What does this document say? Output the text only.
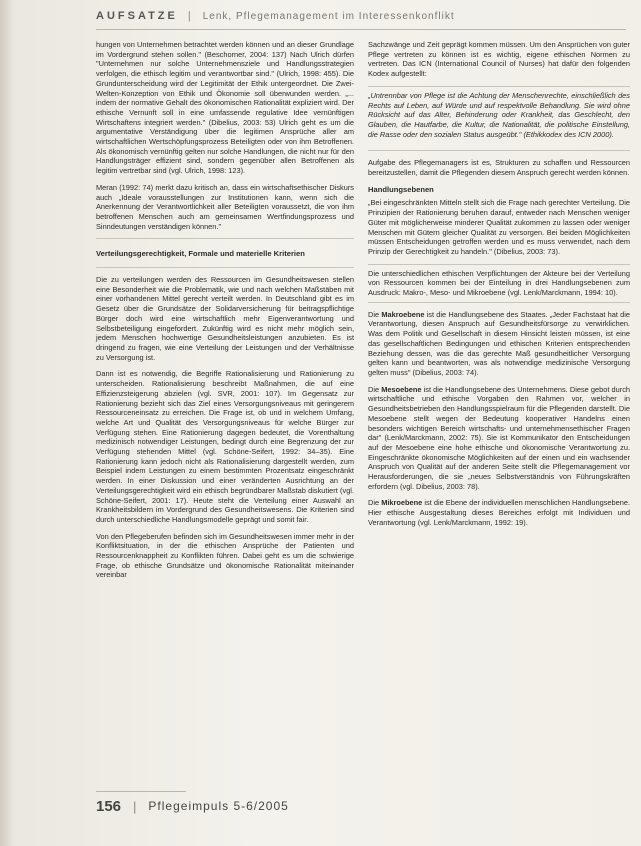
AUFSATZE | Lenk, Pflegemanagement im Interessenkonflikt

hungen von Unternehmen betrachtet werden können und an dieser Grundlage im Vordergrund stehen sollen." (Beschorner, 2004: 137) Nach Ulrich dürfen "Unternehmen nur solche Unternehmensziele und Handlungsstrategien verfolgen, die ethisch legitim und verantwortbar sind." (Ulrich, 1998: 455). Die Grundunterscheidung wird der Legitimität der Ethik untergeordnet. Die Zwei-Welten-Konzeption von Ethik und Ökonomie soll überwunden werden. „... indem der normative Gehalt des ökonomischen Rationalität expliziert wird. Der ethische Vernunft soll in eine umfassende regulative Idee vernünftigen Wirtschaftens integriert werden." (Dibelius, 2003: 53) Ulrich geht es um die argumentative Verständigung über die legitimen Ansprüche aller am wirtschaftlichen Wertschöpfungsprozess Beteiligten oder von ihm Betroffenen. Als ökonomisch vernünftig gelten nur solche Handlungen, die nicht nur für den Handlungsträger effizient sind, sondern gegenüber allen Betroffenen als legitim vertretbar sind (vgl. Ulrich, 1998: 123).

Meran (1992: 74) merkt dazu kritisch an, dass ein wirtschaftsethischer Diskurs auch „Ideale vorausstellungen zur Institutionen kann, wenn sich die Anerkennung der Verantwortlichkeit aller Beteiligten voraussetzt, die von ihm betroffenen Menschen auch am gemeinsamen Wertfindungsprozess und Sinndeutungen verständigen können."

Verteilungsgerechtigkeit, Formale und materielle Kriterien

Die zu verteilungen werden des Ressourcen im Gesundheitswesen stellen eine Besonderheit wie die Problematik, wie und nach welchen Maßstäben mit einer vorhandenen Mittel gerecht verteilt werden. In Deutschland gibt es im Gesetz über die Grundsätze der Solidarversicherung für beitragspflichtige Bürger doch wird eine wirtschaftlich mehr Eigenverantwortung und Selbstbeteiligung eingefordert. Zukünftig wird es nicht mehr möglich sein, jedem Menschen hochwertige Gesundheitsleistungen anzubieten. Es ist dringend zu fragen, wie eine Verteilung der Leistungen und der Verhältnisse zu Versorgung ist.

Dann ist es notwendig, die Begriffe Rationalisierung und Rationierung zu unterscheiden. Rationalisierung beschreibt Maßnahmen, die auf eine Effizienzsteigerung abzielen (vgl. SVR, 2001: 107). Im Gegensatz zur Rationierung bezieht sich das Ziel eines Versorgungsniveaus mit geringerem Ressourceneinsatz zu erreichen. Die Frage ist, ob und in welchem Umfang, welche Art und Qualität des Versorgungsniveaus für welche Bürger zur Verfügung stehen. Eine Rationierung dagegen bedeutet, die Vorenthaltung medizinisch notwendiger Leistungen, bedingt durch eine Begrenzung der zur Verfügung stehenden Mittel (vgl. Schöne-Seifert, 1992: 34–35). Eine Rationierung kann jedoch nicht als Rationalisierung dargestellt werden, zum Beispiel indem Leistungen zu einem bestimmten Prozentsatz eingeschränkt werden. In einer Diskussion und einer veränderten Ausrichtung an der Verteilungsgerechtigkeit wird ein ethisch begründbarer Maßstab diskutiert (vgl. Schöne-Seifert, 2001: 17). Heute steht die Verteilung einer Auswahl an Krankheitsbildern im Vordergrund des Gesundheitswesens. Die Kriterien sind durch unterschiedliche Handlungsmodelle geprägt und somit fair.

Von den Pflegeberufen befinden sich im Gesundheitswesen immer mehr in der Konfliktsituation, in der die ethischen Ansprüche der Patienten und Ressourcenknappheit zu Konflikten führen. Dabei geht es um die schwierige Frage, ob ethische Grundsätze und ökonomische Rationalität miteinander vereinbar

Sachzwänge und Zeit geprägt kommen müssen. Um den Ansprüchen von guter Pflege vertreten zu können ist es wichtig, eigene ethischen Normen zu vertreten. Das ICN (International Council of Nurses) hat dafür den folgenden Kodex aufgestellt:

„Untrennbar von Pflege ist die Achtung der Menschenrechte, einschließlich des Rechts auf Leben, auf Würde und auf respektvolle Behandlung. Sie wird ohne Rücksicht auf das Alter, Behinderung oder Krankheit, das Geschlecht, den Glauben, die Hautfarbe, die Kultur, die Nationalität, die politische Einstellung, die Rasse oder den sozialen Status ausgeübt." (Ethikkodex des ICN 2000).

Aufgabe des Pflegemanagers ist es, Strukturen zu schaffen und Ressourcen bereitzustellen, damit die Pflegenden diesem Anspruch gerecht werden können.

Handlungsebenen

„Bei eingeschränkten Mitteln stellt sich die Frage nach gerechter Verteilung. Die Prinzipien der Rationierung beruhen darauf, entweder nach Menschen weniger Güter mit möglicherweise minderer Qualität zukommen zu lassen oder weniger Menschen mit Gütern gleicher Qualität zu versorgen. Bei beiden Möglichkeiten müssen Entscheidungen getroffen werden und es muss verwendet, nach dem Prinzip der Gerechtigkeit zu handeln." (Dibelius, 2003: 73).

Die unterschiedlichen ethischen Verpflichtungen der Akteure bei der Verteilung von Ressourcen kommen bei der Einteilung in drei Handlungsebenen zum Ausdruck: Makro-, Meso- und Mikroebene (vgl. Lenk/Marckmann, 1994: 10).

Die Makroebene ist die Handlungsebene des Staates. „Jeder Fachstaat hat die Verantwortung, diesen Anspruch auf Gesundheitsfürsorge zu verwirklichen. Was dem Politik und Gesellschaft in diesem Hinsicht leisten müssen, ist eine das gesellschaftlichen Bedingungen und ethischen Kriterien entsprechenden Beziehung dessen, was die das gerechte Maß gesundheitlicher Versorgung gelten kann und beantworten, was als notwendige medizinische Versorgung gelten muss" (Dibelius, 2003: 74).

Die Mesoebene ist die Handlungsebene des Unternehmens. Diese gebot durch wirtschaftliche und ethische Vorgaben den Rahmen vor, welcher in Gesundheitsbetrieben den Handlungsspielraum für die Pflegenden darstellt. Die Mesoebene stellt wegen der Bedeutung kooperativer Handelns einen besonders wichtigen Bereich wirtschafts- und unternehmensethischer Fragen dar" (Lenk/Marckmann, 2002: 75). Sie ist Kommunikator den Entscheidungen auf der Mesoebene eine hohe ethische und ökonomische Verantwortung zu. Eingeschränkte ökonomische Möglichkeiten auf der einen und ein wachsender Anspruch von Qualität auf der anderen Seite stellt die Pflegemanagement vor Herausforderungen, die sie „neues Selbstverständnis von Führungskräften erfordern (vgl. Dibelius, 2003: 78).

Die Mikroebene ist die Ebene der individuellen menschlichen Handlungsebene. Hier ethische Ausgestaltung dieses Bereiches erfolgt mit Individuen und Verantwortung (vgl. Lenk/Marckmann, 1992: 19).

156 | Pflegeimpuls 5-6/2005
